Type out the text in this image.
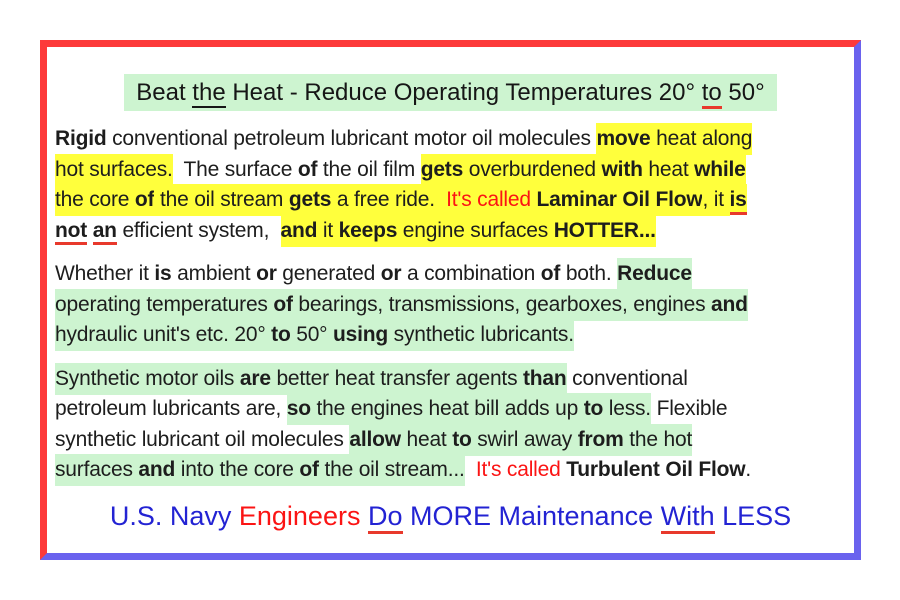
Beat the Heat - Reduce Operating Temperatures 20° to 50°
Rigid conventional petroleum lubricant motor oil molecules move heat along
hot surfaces.  The surface of the oil film gets overburdened with heat while
the core of the oil stream gets a free ride.  It's called Laminar Oil Flow, it is
not an efficient system,  and it keeps engine surfaces HOTTER...
Whether it is ambient or generated or a combination of both. Reduce
operating temperatures of bearings, transmissions, gearboxes, engines and
hydraulic unit's etc. 20° to 50° using synthetic lubricants.
Synthetic motor oils are better heat transfer agents than conventional
petroleum lubricants are, so the engines heat bill adds up to less. Flexible
synthetic lubricant oil molecules allow heat to swirl away from the hot
surfaces and into the core of the oil stream... It's called Turbulent Oil Flow.
U.S. Navy Engineers Do MORE Maintenance With LESS
